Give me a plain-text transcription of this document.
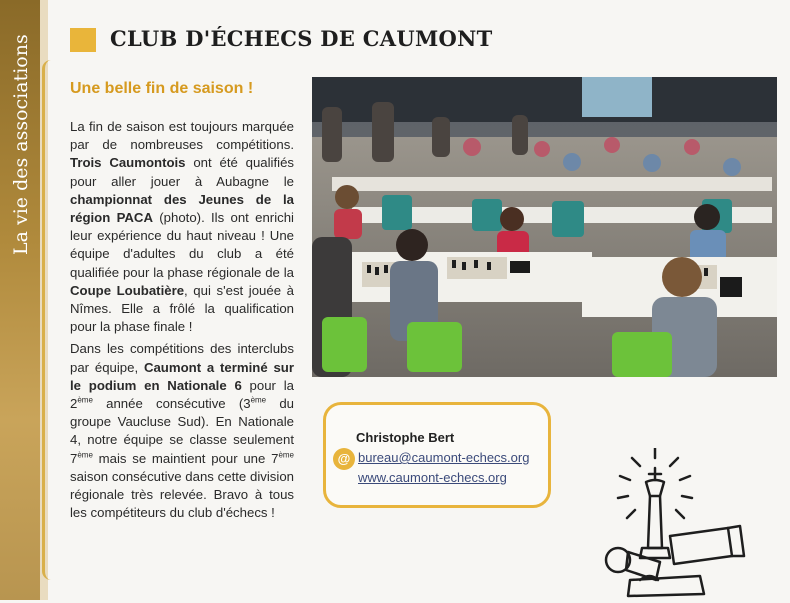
La vie des associations	CLUB D'ÉCHECS DE CAUMONT
Une belle fin de saison !

La fin de saison est toujours marquée par de nombreuses compétitions. Trois Caumontois ont été qualifiés pour aller jouer à Aubagne le championnat des Jeunes de la région PACA (photo). Ils ont enrichi leur expérience du haut niveau ! Une équipe d'adultes du club a été qualifiée pour la phase régionale de la Coupe Loubatière, qui s'est jouée à Nîmes. Elle a frôlé la qualification pour la phase finale !

Dans les compétitions des interclubs par équipe, Caumont a terminé sur le podium en Nationale 6 pour la 2ème année consécutive (3ème du groupe Vaucluse Sud). En Nationale 4, notre équipe se classe seulement 7ème mais se maintient pour une 7ème saison consécutive dans cette division régionale très relevée. Bravo à tous les compétiteurs du club d'échecs !

Christophe Bert
@ bureau@caumont-echecs.org
www.caumont-echecs.org
